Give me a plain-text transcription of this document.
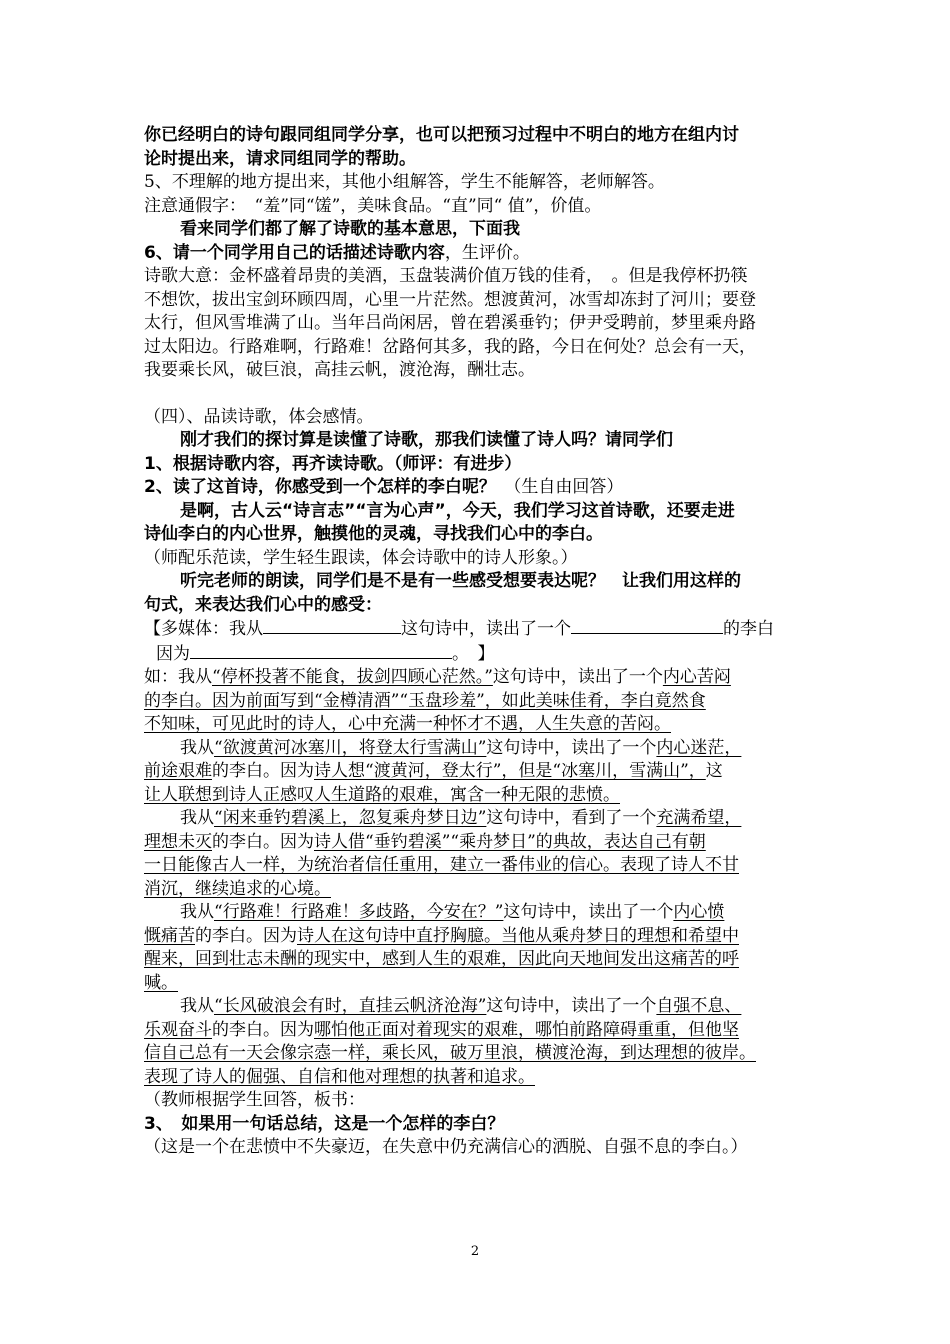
你已经明白的诗句跟同组同学分享，也可以把预习过程中不明白的地方在组内讨
论时提出来，请求同组同学的帮助。
5、不理解的地方提出来，其他小组解答，学生不能解答，老师解答。
注意通假字：　“羞”同“馐”，美味食品。“直”同“ 值”，价值。
看来同学们都了解了诗歌的基本意思，下面我
6、请一个同学用自己的话描述诗歌内容，生评价。
诗歌大意：金杯盛着昂贵的美酒，玉盘装满价值万钱的佳肴，　。但是我停杯扔筷
不想饮，拔出宝剑环顾四周，心里一片茫然。想渡黄河，冰雪却冻封了河川；要登
太行，但风雪堆满了山。当年吕尚闲居，曾在碧溪垂钓；伊尹受聘前，梦里乘舟路
过太阳边。行路难啊，行路难！岔路何其多，我的路，今日在何处？总会有一天，
我要乘长风，破巨浪，高挂云帆，渡沧海，酬壮志。
（四）、品读诗歌，体会感情。
刚才我们的探讨算是读懂了诗歌，那我们读懂了诗人吗？请同学们
1、根据诗歌内容，再齐读诗歌。（师评：有进步）
2、读了这首诗，你感受到一个怎样的李白呢？　（生自由回答）
是啊，古人云“诗言志”“言为心声”，今天，我们学习这首诗歌，还要走进
诗仙李白的内心世界，触摸他的灵魂，寻找我们心中的李白。
（师配乐范读，学生轻生跟读，体会诗歌中的诗人形象。）
听完老师的朗读，同学们是不是有一些感受想要表达呢？　让我们用这样的
句式，来表达我们心中的感受：
【多媒体：我从	这句诗中，读出了一个	的李白
因为	。　】
如：我从“停杯投著不能食，拔剑四顾心茫然。”这句诗中，读出了一个内心苦闷
的李白。因为前面写到“金樽清酒”“玉盘珍羞”，如此美味佳肴，李白竟然食
不知味，可见此时的诗人，心中充满一种怀才不遇，人生失意的苦闷。
我从“欲渡黄河冰塞川，将登太行雪满山”这句诗中，读出了一个内心迷茫，
前途艰难的李白。因为诗人想“渡黄河，登太行”，但是“冰塞川，雪满山”，这
让人联想到诗人正感叹人生道路的艰难，寓含一种无限的悲愤。
我从“闲来垂钓碧溪上，忽复乘舟梦日边”这句诗中，看到了一个充满希望，
理想未灭的李白。因为诗人借“垂钓碧溪”“乘舟梦日”的典故，表达自己有朝
一日能像古人一样，为统治者信任重用，建立一番伟业的信心。表现了诗人不甘
消沉，继续追求的心境。
我从“行路难！行路难！多歧路，今安在？”这句诗中，读出了一个内心愤
慨痛苦的李白。因为诗人在这句诗中直抒胸臆。当他从乘舟梦日的理想和希望中
醒来，回到壮志未酬的现实中，感到人生的艰难，因此向天地间发出这痛苦的呼
喊。
我从“长风破浪会有时，直挂云帆济沧海”这句诗中，读出了一个自强不息、
乐观奋斗的李白。因为哪怕他正面对着现实的艰难，哪怕前路障碍重重，但他坚
信自己总有一天会像宗悫一样，乘长风，破万里浪，横渡沧海，到达理想的彼岸。
表现了诗人的倔强、自信和他对理想的执著和追求。
（教师根据学生回答，板书：
3、　如果用一句话总结，这是一个怎样的李白？
（这是一个在悲愤中不失豪迈，在失意中仍充满信心的洒脱、自强不息的李白。）
2
